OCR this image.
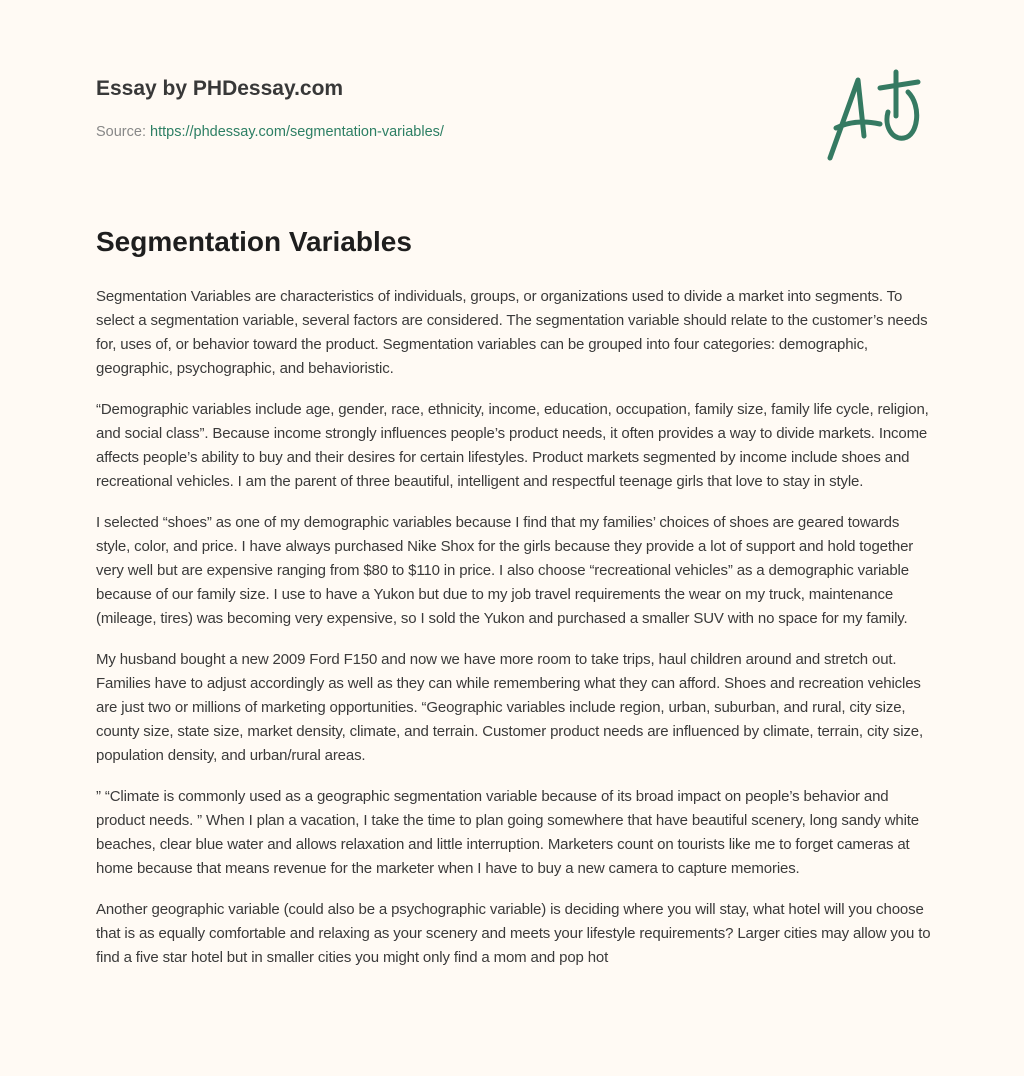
Essay by PHDessay.com
Source: https://phdessay.com/segmentation-variables/
Segmentation Variables

Segmentation Variables are characteristics of individuals, groups, or organizations used to divide a market into segments. To select a segmentation variable, several factors are considered. The segmentation variable should relate to the customer’s needs for, uses of, or behavior toward the product. Segmentation variables can be grouped into four categories: demographic, geographic, psychographic, and behavioristic.

“Demographic variables include age, gender, race, ethnicity, income, education, occupation, family size, family life cycle, religion, and social class”. Because income strongly influences people’s product needs, it often provides a way to divide markets. Income affects people’s ability to buy and their desires for certain lifestyles. Product markets segmented by income include shoes and recreational vehicles. I am the parent of three beautiful, intelligent and respectful teenage girls that love to stay in style.

I selected “shoes” as one of my demographic variables because I find that my families’ choices of shoes are geared towards style, color, and price. I have always purchased Nike Shox for the girls because they provide a lot of support and hold together very well but are expensive ranging from $80 to $110 in price. I also choose “recreational vehicles” as a demographic variable because of our family size. I use to have a Yukon but due to my job travel requirements the wear on my truck, maintenance (mileage, tires) was becoming very expensive, so I sold the Yukon and purchased a smaller SUV with no space for my family.

My husband bought a new 2009 Ford F150 and now we have more room to take trips, haul children around and stretch out. Families have to adjust accordingly as well as they can while remembering what they can afford. Shoes and recreation vehicles are just two or millions of marketing opportunities. “Geographic variables include region, urban, suburban, and rural, city size, county size, state size, market density, climate, and terrain. Customer product needs are influenced by climate, terrain, city size, population density, and urban/rural areas.

” “Climate is commonly used as a geographic segmentation variable because of its broad impact on people’s behavior and product needs. ” When I plan a vacation, I take the time to plan going somewhere that have beautiful scenery, long sandy white beaches, clear blue water and allows relaxation and little interruption. Marketers count on tourists like me to forget cameras at home because that means revenue for the marketer when I have to buy a new camera to capture memories.

Another geographic variable (could also be a psychographic variable) is deciding where you will stay, what hotel will you choose that is as equally comfortable and relaxing as your scenery and meets your lifestyle requirements? Larger cities may allow you to find a five star hotel but in smaller cities you might only find a mom and pop hot
